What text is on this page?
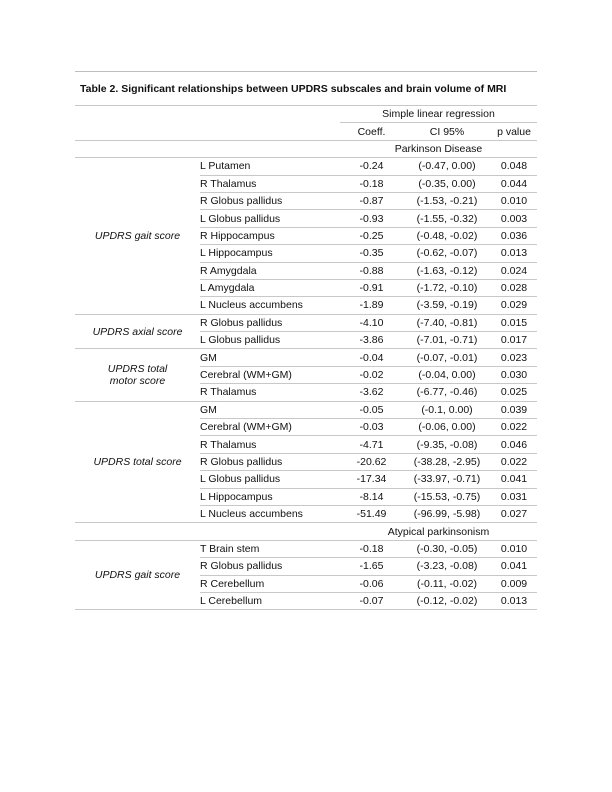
Table 2. Significant relationships between UPDRS subscales and brain volume of MRI
		Simple linear regression		
		Coeff.	CI 95%	p value
		Parkinson Disease		
UPDRS gait score	L Putamen	-0.24	(-0.47, 0.00)	0.048
	R Thalamus	-0.18	(-0.35, 0.00)	0.044
	R Globus pallidus	-0.87	(-1.53, -0.21)	0.010
	L Globus pallidus	-0.93	(-1.55, -0.32)	0.003
	R Hippocampus	-0.25	(-0.48, -0.02)	0.036
	L Hippocampus	-0.35	(-0.62, -0.07)	0.013
	R Amygdala	-0.88	(-1.63, -0.12)	0.024
	L Amygdala	-0.91	(-1.72, -0.10)	0.028
	L Nucleus accumbens	-1.89	(-3.59, -0.19)	0.029
UPDRS axial score	R Globus pallidus	-4.10	(-7.40, -0.81)	0.015
	L Globus pallidus	-3.86	(-7.01, -0.71)	0.017

UPDRS total
motor score	GM	-0.04	(-0.07, -0.01)	0.023
	Cerebral (WM+GM)	-0.02	(-0.04, 0.00)	0.030
	R Thalamus	-3.62	(-6.77, -0.46)	0.025
UPDRS total score	GM	-0.05	(-0.1, 0.00)	0.039
	Cerebral (WM+GM)	-0.03	(-0.06, 0.00)	0.022
	R Thalamus	-4.71	(-9.35, -0.08)	0.046
	R Globus pallidus	-20.62	(-38.28, -2.95)	0.022
	L Globus pallidus	-17.34	(-33.97, -0.71)	0.041
	L Hippocampus	-8.14	(-15.53, -0.75)	0.031
	L Nucleus accumbens	-51.49	(-96.99, -5.98)	0.027
		Atypical parkinsonism		
UPDRS gait score	T Brain stem	-0.18	(-0.30, -0.05)	0.010
	R Globus pallidus	-1.65	(-3.23, -0.08)	0.041
	R Cerebellum	-0.06	(-0.11, -0.02)	0.009
	L Cerebellum	-0.07	(-0.12, -0.02)	0.013
